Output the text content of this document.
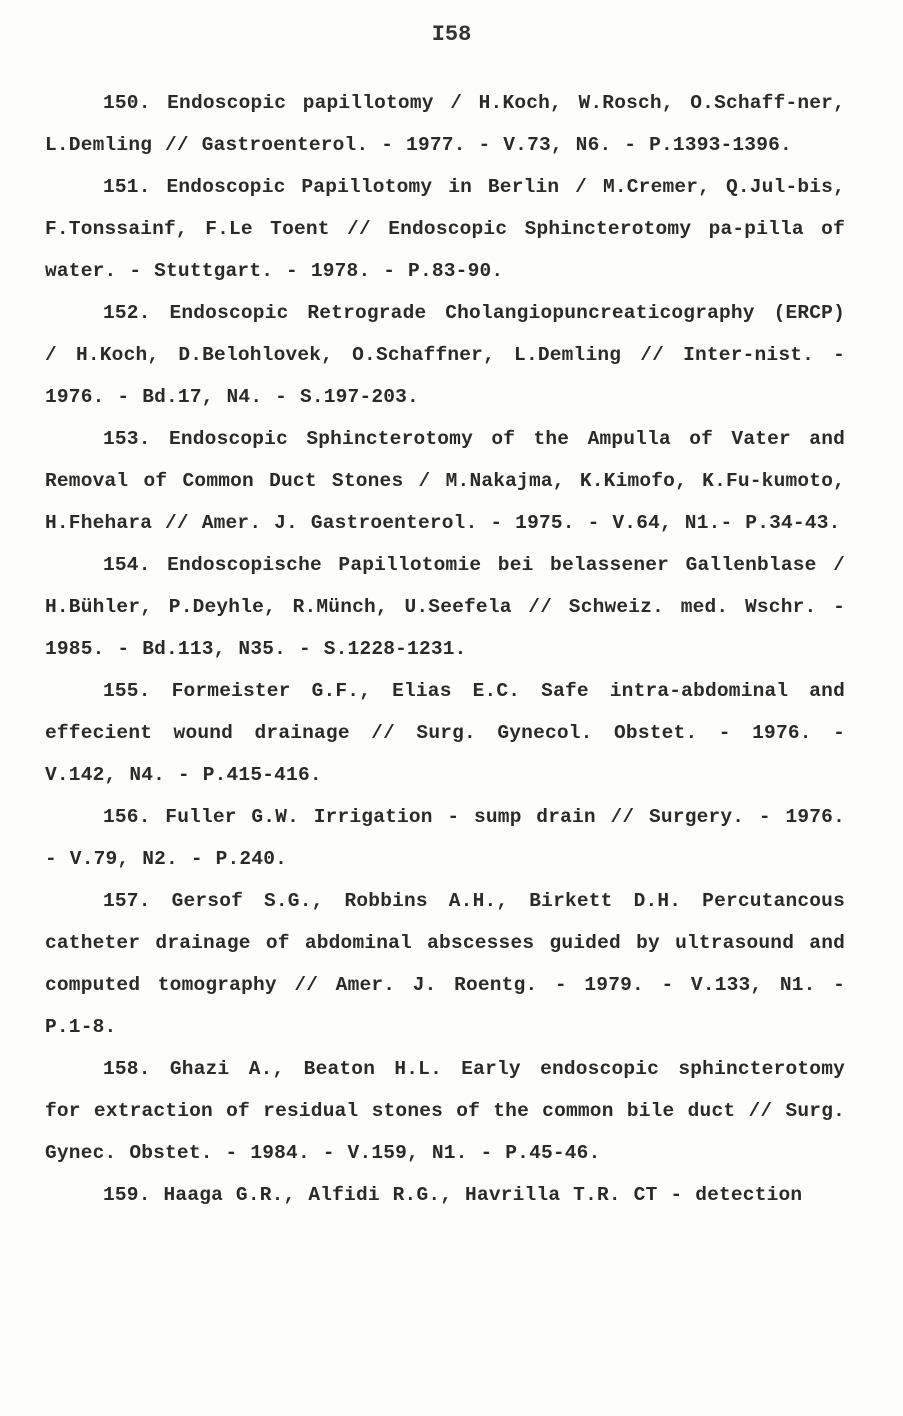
I58

150. Endoscopic papillotomy / H.Koch, W.Rosch, O.Schaff-ner, L.Demling // Gastroenterol. - 1977. - V.73, N6. - P.1393-1396.

151. Endoscopic Papillotomy in Berlin / M.Cremer, Q.Jul-bis, F.Tonssainf, F.Le Toent // Endoscopic Sphincterotomy pa-pilla of water. - Stuttgart. - 1978. - P.83-90.

152. Endoscopic Retrograde Cholangiopuncreaticography (ERCP) / H.Koch, D.Belohlovek, O.Schaffner, L.Demling // Inter-nist. - 1976. - Bd.17, N4. - S.197-203.

153. Endoscopic Sphincterotomy of the Ampulla of Vater and Removal of Common Duct Stones / M.Nakajma, K.Kimofo, K.Fu-kumoto, H.Fhehara // Amer. J. Gastroenterol. - 1975. - V.64, N1.- P.34-43.

154. Endoscopische Papillotomie bei belassener Gallenblase / H.Bühler, P.Deyhle, R.Münch, U.Seefela // Schweiz. med. Wschr. - 1985. - Bd.113, N35. - S.1228-1231.

155. Formeister G.F., Elias E.C. Safe intra-abdominal and effecient wound drainage // Surg. Gynecol. Obstet. - 1976. - V.142, N4. - P.415-416.

156. Fuller G.W. Irrigation - sump drain // Surgery. - 1976. - V.79, N2. - P.240.

157. Gersof S.G., Robbins A.H., Birkett D.H. Percutancous catheter drainage of abdominal abscesses guided by ultrasound and computed tomography // Amer. J. Roentg. - 1979. - V.133, N1. - P.1-8.

158. Ghazi A., Beaton H.L. Early endoscopic sphincterotomy for extraction of residual stones of the common bile duct // Surg. Gynec. Obstet. - 1984. - V.159, N1. - P.45-46.

159. Haaga G.R., Alfidi R.G., Havrilla T.R. CT - detection
